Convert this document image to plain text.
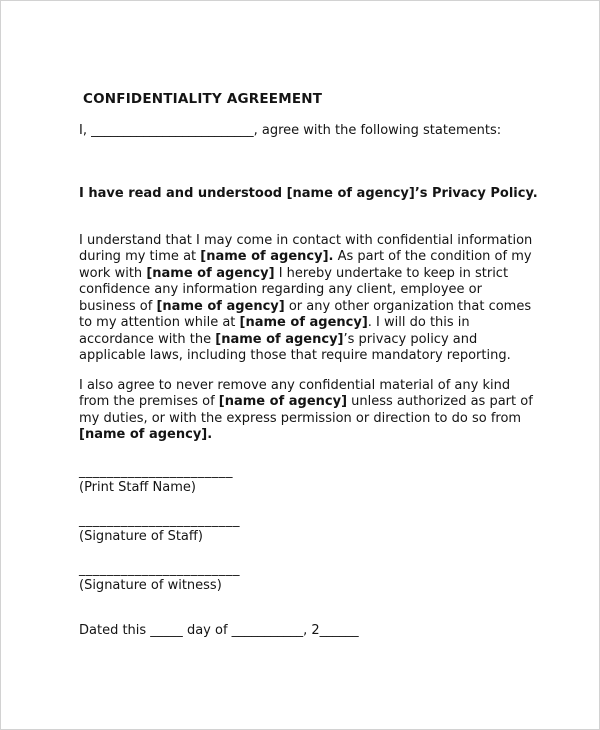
CONFIDENTIALITY AGREEMENT

I, _________________________, agree with the following statements:

I have read and understood [name of agency]’s Privacy Policy.

I understand that I may come in contact with confidential information during my time at [name of agency]. As part of the condition of my work with [name of agency] I hereby undertake to keep in strict confidence any information regarding any client, employee or business of [name of agency] or any other organization that comes to my attention while at [name of agency]. I will do this in accordance with the [name of agency]’s privacy policy and applicable laws, including those that require mandatory reporting.

I also agree to never remove any confidential material of any kind from the premises of [name of agency] unless authorized as part of my duties, or with the express permission or direction to do so from [name of agency].

______________________
(Print Staff Name)
_______________________
(Signature of Staff)
_______________________
(Signature of witness)

Dated this _____ day of ___________, 2______
